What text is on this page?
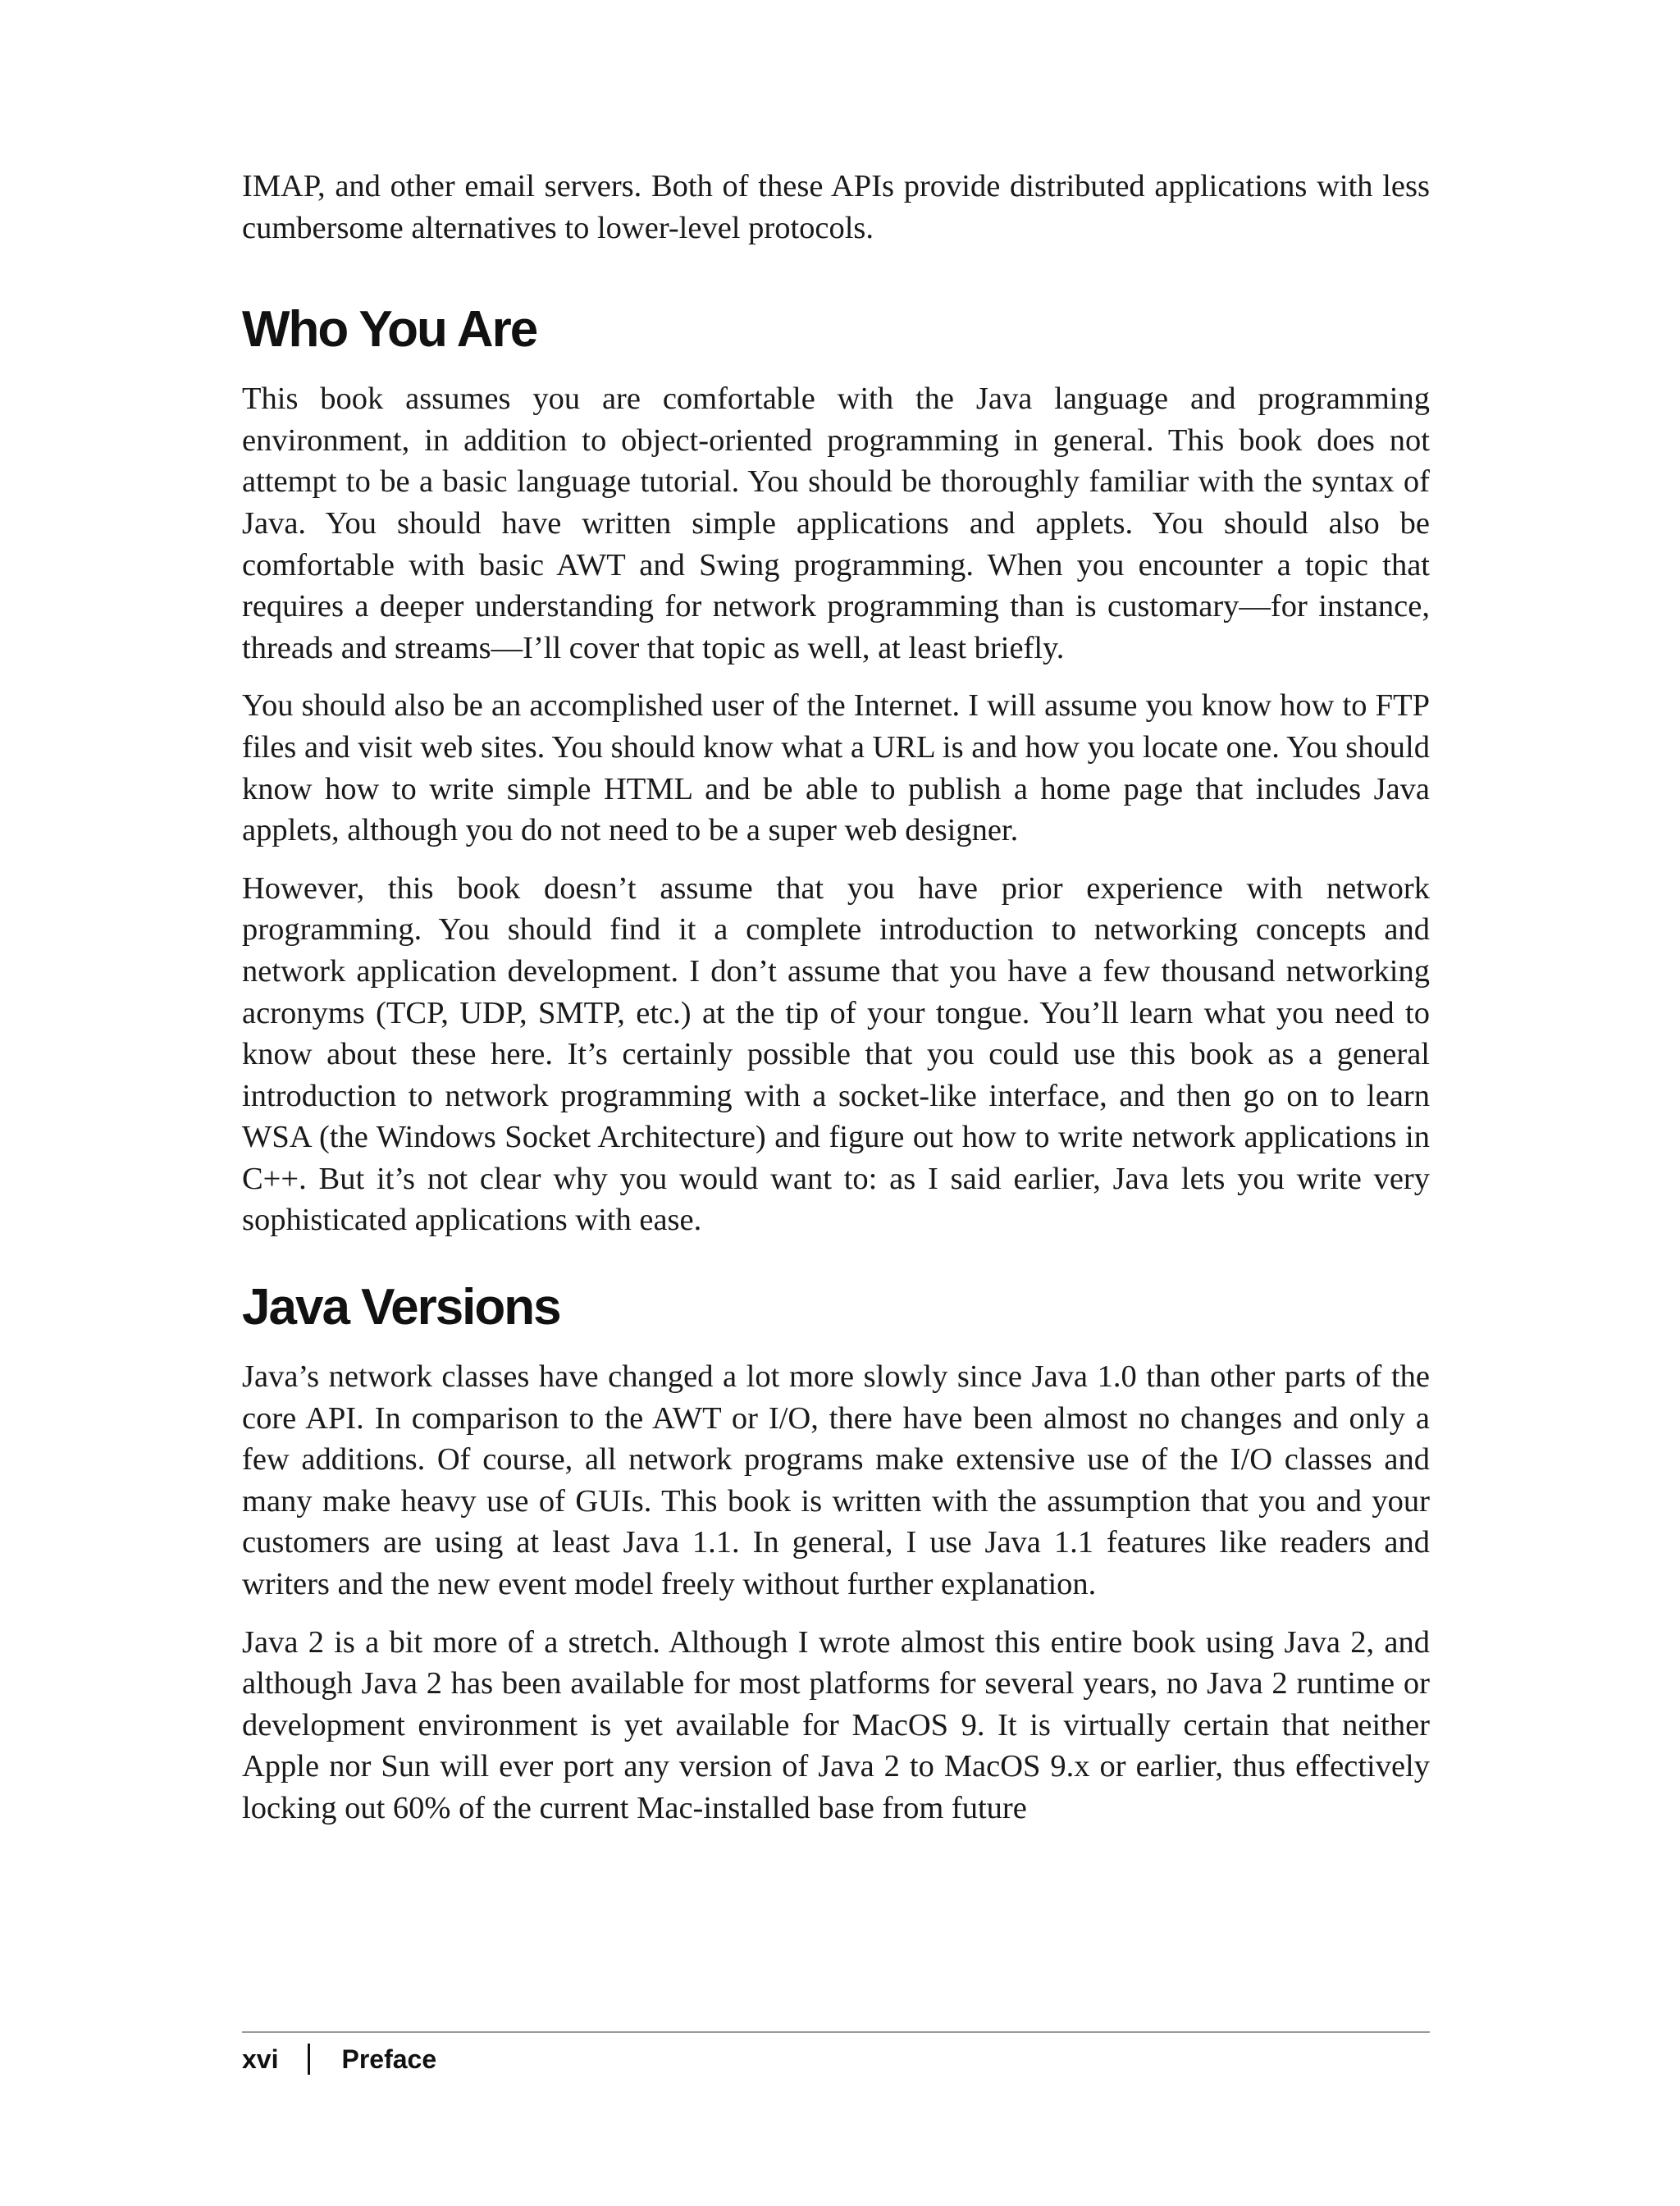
IMAP, and other email servers. Both of these APIs provide distributed applications with less cumbersome alternatives to lower-level protocols.

Who You Are

This book assumes you are comfortable with the Java language and programming environment, in addition to object-oriented programming in general. This book does not attempt to be a basic language tutorial. You should be thoroughly familiar with the syntax of Java. You should have written simple applications and applets. You should also be comfortable with basic AWT and Swing programming. When you encounter a topic that requires a deeper understanding for network programming than is customary—for instance, threads and streams—I’ll cover that topic as well, at least briefly.

You should also be an accomplished user of the Internet. I will assume you know how to FTP files and visit web sites. You should know what a URL is and how you locate one. You should know how to write simple HTML and be able to publish a home page that includes Java applets, although you do not need to be a super web designer.

However, this book doesn’t assume that you have prior experience with network programming. You should find it a complete introduction to networking concepts and network application development. I don’t assume that you have a few thousand networking acronyms (TCP, UDP, SMTP, etc.) at the tip of your tongue. You’ll learn what you need to know about these here. It’s certainly possible that you could use this book as a general introduction to network programming with a socket-like interface, and then go on to learn WSA (the Windows Socket Architecture) and figure out how to write network applications in C++. But it’s not clear why you would want to: as I said earlier, Java lets you write very sophisticated applications with ease.

Java Versions

Java’s network classes have changed a lot more slowly since Java 1.0 than other parts of the core API. In comparison to the AWT or I/O, there have been almost no changes and only a few additions. Of course, all network programs make extensive use of the I/O classes and many make heavy use of GUIs. This book is written with the assumption that you and your customers are using at least Java 1.1. In general, I use Java 1.1 features like readers and writers and the new event model freely without further explanation.

Java 2 is a bit more of a stretch. Although I wrote almost this entire book using Java 2, and although Java 2 has been available for most platforms for several years, no Java 2 runtime or development environment is yet available for MacOS 9. It is virtually certain that neither Apple nor Sun will ever port any version of Java 2 to MacOS 9.x or earlier, thus effectively locking out 60% of the current Mac-installed base from future

xvi Preface
